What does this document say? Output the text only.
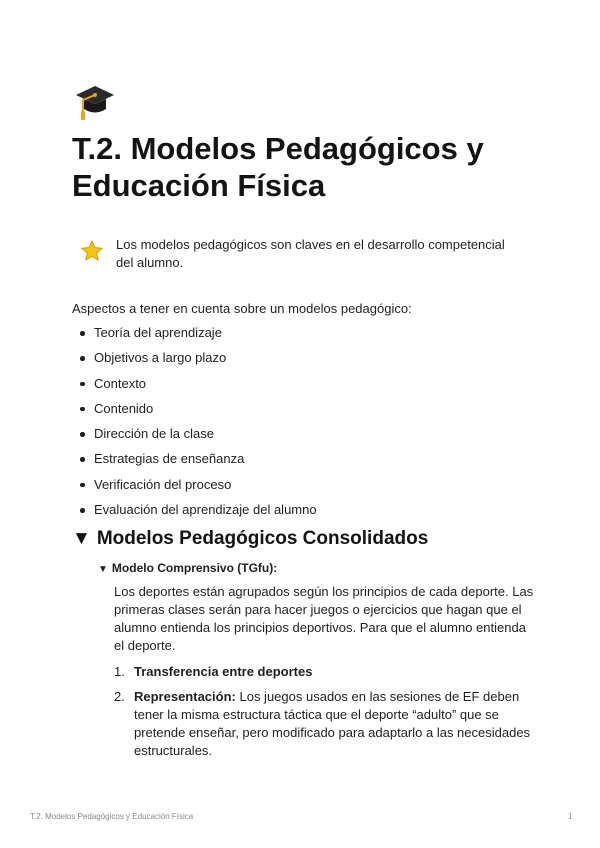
T.2. Modelos Pedagógicos y Educación Física
Los modelos pedagógicos son claves en el desarrollo competencial del alumno.
Aspectos a tener en cuenta sobre un modelos pedagógico:
Teoría del aprendizaje
Objetivos a largo plazo
Contexto
Contenido
Dirección de la clase
Estrategias de enseñanza
Verificación del proceso
Evaluación del aprendizaje del alumno
▼ Modelos Pedagógicos Consolidados
▼ Modelo Comprensivo (TGfu):
Los deportes están agrupados según los principios de cada deporte. Las primeras clases serán para hacer juegos o ejercicios que hagan que el alumno entienda los principios deportivos. Para que el alumno entienda el deporte.
1. Transferencia entre deportes
2. Representación: Los juegos usados en las sesiones de EF deben tener la misma estructura táctica que el deporte “adulto” que se pretende enseñar, pero modificado para adaptarlo a las necesidades estructurales.
T.2. Modelos Pedagógicos y Educación Física	1
